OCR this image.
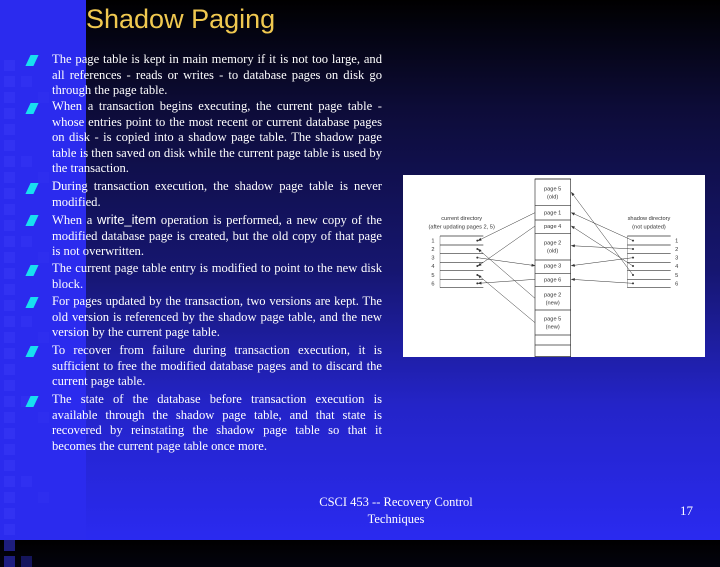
Shadow Paging
The page table is kept in main memory if it is not too large, and all references - reads or writes - to database pages on disk go through the page table.
When a transaction begins executing, the current page table - whose entries point to the most recent or current database pages on disk - is copied into a shadow page table. The shadow page table is then saved on disk while the current page table is used by the transaction.
During transaction execution, the shadow page table is never modified.
When a write_item operation is performed, a new copy of the modified database page is created, but the old copy of that page is not overwritten.
The current page table entry is modified to point to the new disk block.
For pages updated by the transaction, two versions are kept. The old version is referenced by the shadow page table, and the new version by the current page table.
To recover from failure during transaction execution, it is sufficient to free the modified database pages and to discard the current page table.
The state of the database before transaction execution is available through the shadow page table, and that state is recovered by reinstating the shadow page table so that it becomes the current page table once more.
current directory
(after updating pages 2, 5)
shadow directory
(not updated)
page 5
(old)
page 1
page 4
page 2
(old)
page 3
page 6
page 2
(new)
page 5
(new)
1
2
3
4
5
6
1
2
3
4
5
6
CSCI 453 -- Recovery Control
Techniques
17
